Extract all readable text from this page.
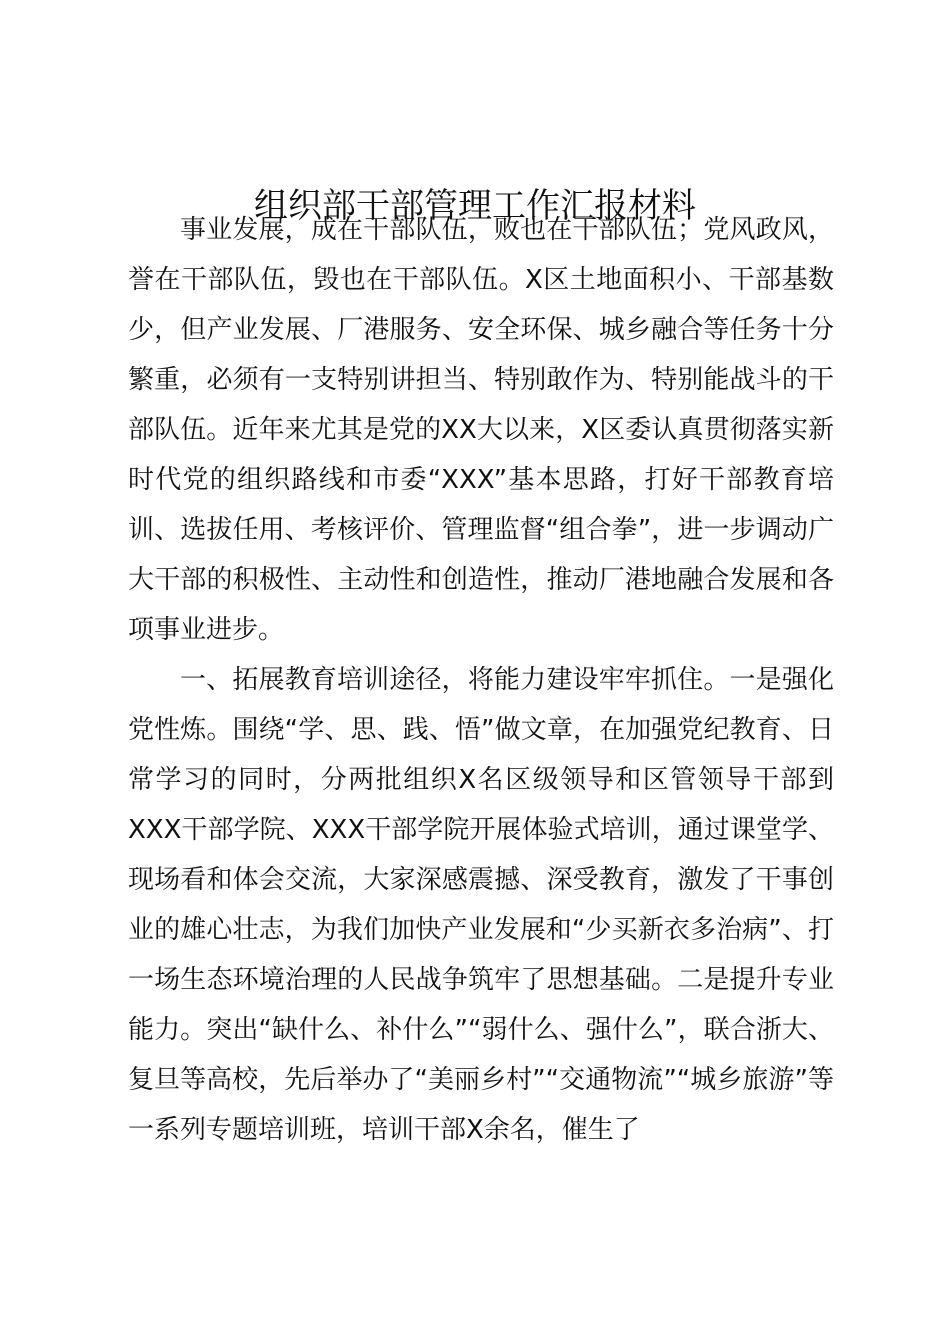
组织部干部管理工作汇报材料

事业发展，成在干部队伍，败也在干部队伍；党风政风，誉在干部队伍，毁也在干部队伍。X区土地面积小、干部基数少，但产业发展、厂港服务、安全环保、城乡融合等任务十分繁重，必须有一支特别讲担当、特别敢作为、特别能战斗的干部队伍。近年来尤其是党的XX大以来，X区委认真贯彻落实新时代党的组织路线和市委“XXX”基本思路，打好干部教育培训、选拔任用、考核评价、管理监督“组合拳”，进一步调动广大干部的积极性、主动性和创造性，推动厂港地融合发展和各项事业进步。

一、拓展教育培训途径，将能力建设牢牢抓住。一是强化党性炼。围绕“学、思、践、悟”做文章，在加强党纪教育、日常学习的同时，分两批组织X名区级领导和区管领导干部到XXX干部学院、XXX干部学院开展体验式培训，通过课堂学、现场看和体会交流，大家深感震撼、深受教育，激发了干事创业的雄心壮志，为我们加快产业发展和“少买新衣多治病”、打一场生态环境治理的人民战争筑牢了思想基础。二是提升专业能力。突出“缺什么、补什么”“弱什么、强什么”，联合浙大、复旦等高校，先后举办了“美丽乡村”“交通物流”“城乡旅游”等一系列专题培训班，培训干部X余名，催生了
